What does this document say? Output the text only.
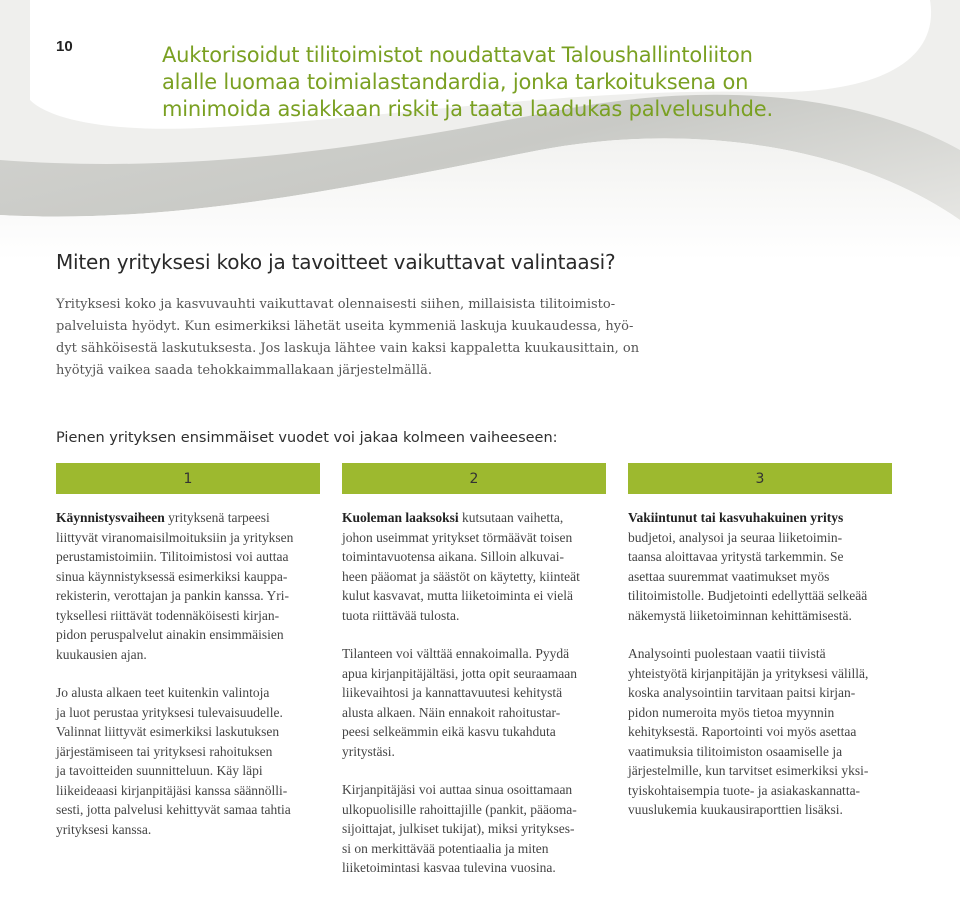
10	Auktorisoidut tilitoimistot noudattavat Taloushallintoliiton
alalle luomaa toimialastandardia, jonka tarkoituksena on
minimoida asiakkaan riskit ja taata laadukas palvelusuhde.
Miten yrityksesi koko ja tavoitteet vaikuttavat valintaasi?
Yrityksesi koko ja kasvuvauhti vaikuttavat olennaisesti siihen, millaisista tilitoimisto-
palveluista hyödyt. Kun esimerkiksi lähetät useita kymmeniä laskuja kuukaudessa, hyö-
dyt sähköisestä laskutuksesta. Jos laskuja lähtee vain kaksi kappaletta kuukausittain, on
hyötyjä vaikea saada tehokkaimmallakaan järjestelmällä.
Pienen yrityksen ensimmäiset vuodet voi jakaa kolmeen vaiheeseen:
1	2	3
Käynnistysvaiheen yrityksenä tarpeesi
liittyvät viranomaisilmoituksiin ja yrityksen
perustamistoimiin. Tilitoimistosi voi auttaa
sinua käynnistyksessä esimerkiksi kauppa-
rekisterin, verottajan ja pankin kanssa. Yri-
tyksellesi riittävät todennäköisesti kirjan-
pidon peruspalvelut ainakin ensimmäisien
kuukausien ajan.
Jo alusta alkaen teet kuitenkin valintoja
ja luot perustaa yrityksesi tulevaisuudelle.
Valinnat liittyvät esimerkiksi laskutuksen
järjestämiseen tai yrityksesi rahoituksen
ja tavoitteiden suunnitteluun. Käy läpi
liikeideaasi kirjanpitäjäsi kanssa säännölli-
sesti, jotta palvelusi kehittyvät samaa tahtia
yrityksesi kanssa.
Kuoleman laaksoksi kutsutaan vaihetta,
johon useimmat yritykset törmäävät toisen
toimintavuotensa aikana. Silloin alkuvai-
heen pääomat ja säästöt on käytetty, kiinteät
kulut kasvavat, mutta liiketoiminta ei vielä
tuota riittävää tulosta.
Tilanteen voi välttää ennakoimalla. Pyydä
apua kirjanpitäjältäsi, jotta opit seuraamaan
liikevaihtosi ja kannattavuutesi kehitystä
alusta alkaen. Näin ennakoit rahoitustar-
peesi selkeämmin eikä kasvu tukahduta
yritystäsi.
Kirjanpitäjäsi voi auttaa sinua osoittamaan
ulkopuolisille rahoittajille (pankit, pääoma-
sijoittajat, julkiset tukijat), miksi yritykses-
si on merkittävää potentiaalia ja miten
liiketoimintasi kasvaa tulevina vuosina.
Vakiintunut tai kasvuhakuinen yritys
budjetoi, analysoi ja seuraa liiketoimin-
taansa aloittavaa yritystä tarkemmin. Se
asettaa suuremmat vaatimukset myös
tilitoimistolle. Budjetointi edellyttää selkeää
näkemystä liiketoiminnan kehittämisestä.
Analysointi puolestaan vaatii tiivistä
yhteistyötä kirjanpitäjän ja yrityksesi välillä,
koska analysointiin tarvitaan paitsi kirjan-
pidon numeroita myös tietoa myynnin
kehityksestä. Raportointi voi myös asettaa
vaatimuksia tilitoimiston osaamiselle ja
järjestelmille, kun tarvitset esimerkiksi yksi-
tyiskohtaisempia tuote- ja asiakaskannatta-
vuuslukemia kuukausiraporttien lisäksi.
